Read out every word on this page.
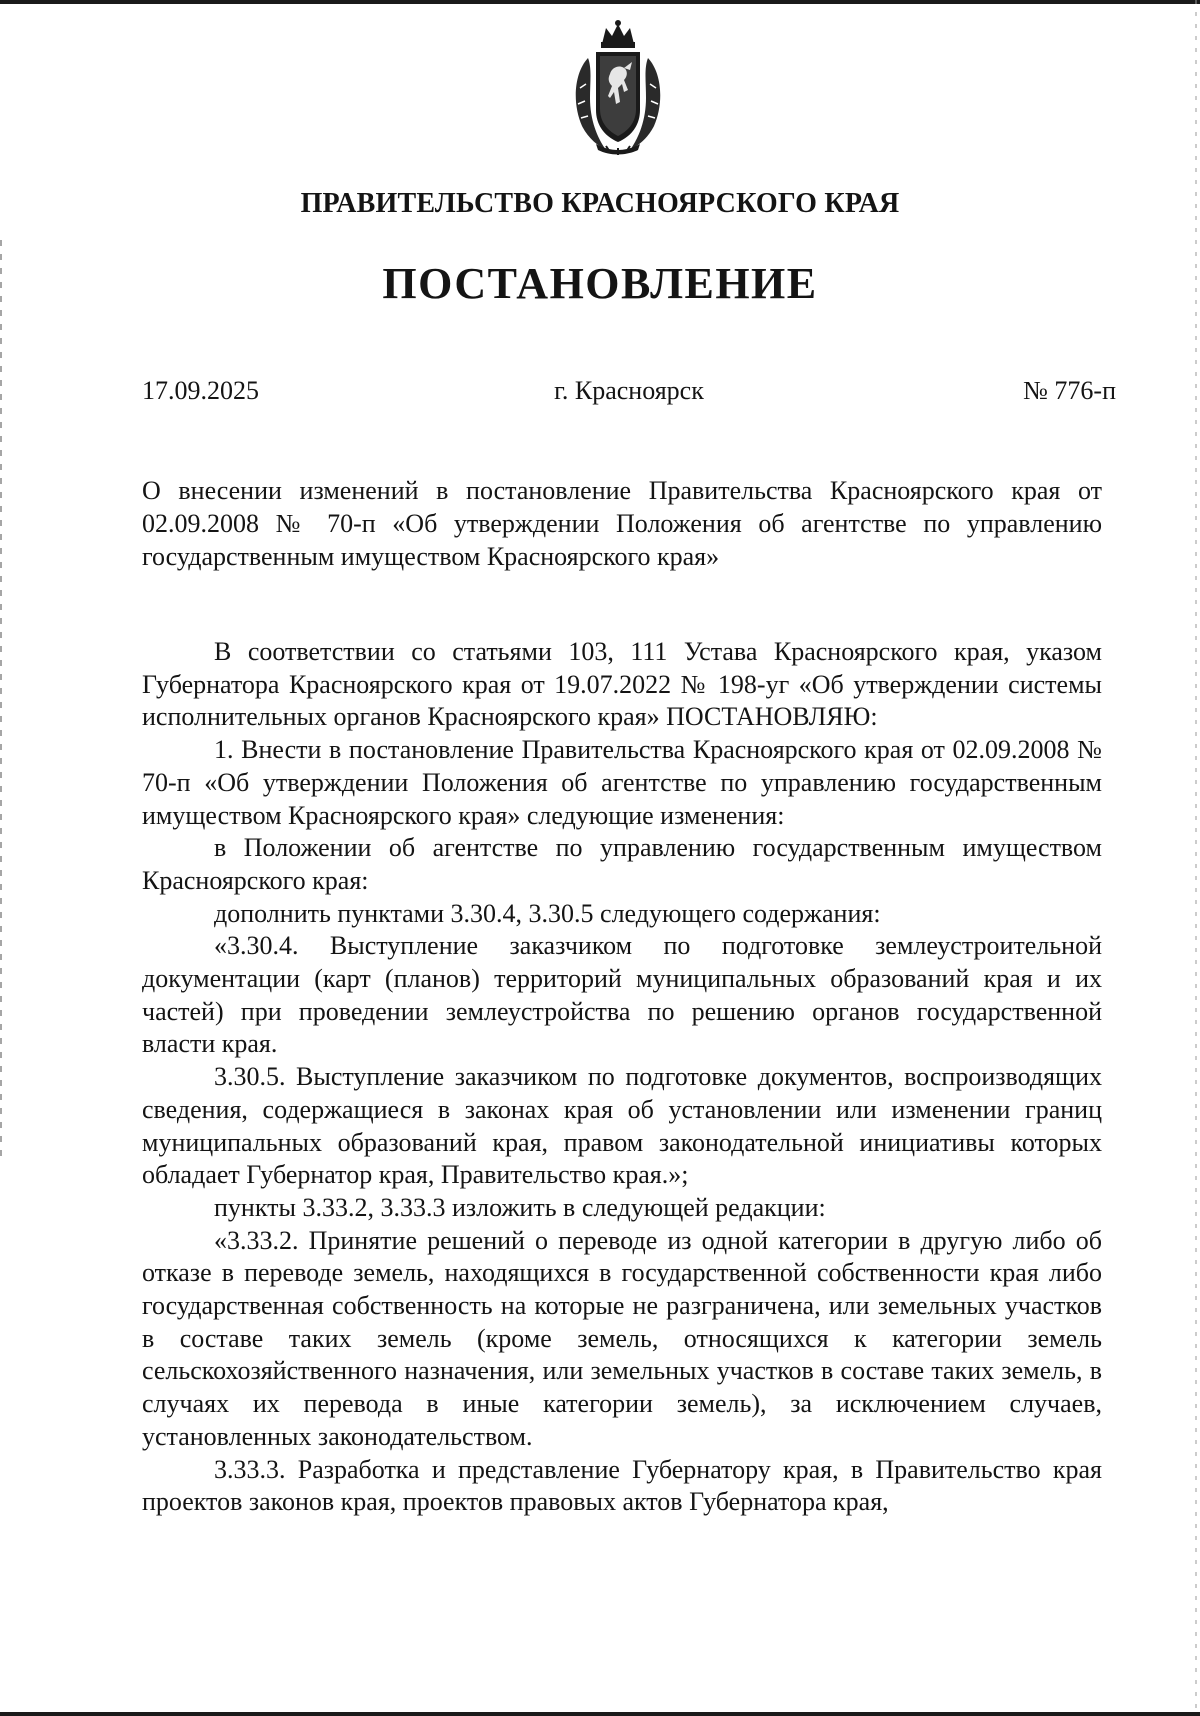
ПРАВИТЕЛЬСТВО КРАСНОЯРСКОГО КРАЯ
ПОСТАНОВЛЕНИЕ
17.09.2025	г. Красноярск	№ 776-п
О внесении изменений в постановление Правительства Красноярского края от 02.09.2008 № 70-п «Об утверждении Положения об агентстве по управлению государственным имуществом Красноярского края»

В соответствии со статьями 103, 111 Устава Красноярского края, указом Губернатора Красноярского края от 19.07.2022 № 198-уг «Об утверждении системы исполнительных органов Красноярского края» ПОСТАНОВЛЯЮ:

1. Внести в постановление Правительства Красноярского края от 02.09.2008 № 70-п «Об утверждении Положения об агентстве по управлению государственным имуществом Красноярского края» следующие изменения:

в Положении об агентстве по управлению государственным имуществом Красноярского края:

дополнить пунктами 3.30.4, 3.30.5 следующего содержания:

«3.30.4. Выступление заказчиком по подготовке землеустроительной документации (карт (планов) территорий муниципальных образований края и их частей) при проведении землеустройства по решению органов государственной власти края.

3.30.5. Выступление заказчиком по подготовке документов, воспроизводящих сведения, содержащиеся в законах края об установлении или изменении границ муниципальных образований края, правом законодательной инициативы которых обладает Губернатор края, Правительство края.»;

пункты 3.33.2, 3.33.3 изложить в следующей редакции:

«3.33.2. Принятие решений о переводе из одной категории в другую либо об отказе в переводе земель, находящихся в государственной собственности края либо государственная собственность на которые не разграничена, или земельных участков в составе таких земель (кроме земель, относящихся к категории земель сельскохозяйственного назначения, или земельных участков в составе таких земель, в случаях их перевода в иные категории земель), за исключением случаев, установленных законодательством.

3.33.3. Разработка и представление Губернатору края, в Правительство края проектов законов края, проектов правовых актов Губернатора края,
